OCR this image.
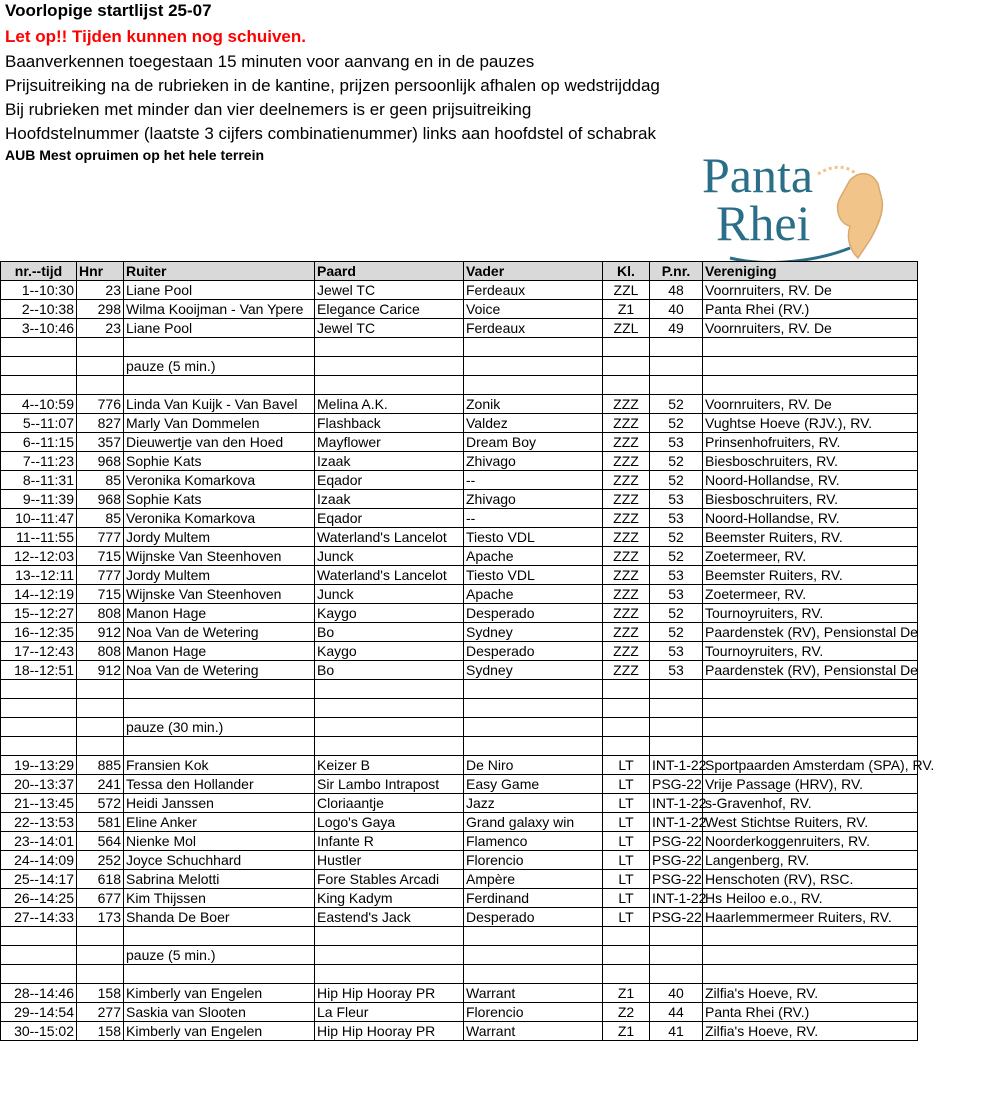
Voorlopige startlijst 25-07
Let op!! Tijden kunnen nog schuiven.
Baanverkennen toegestaan 15 minuten voor aanvang en in de pauzes
Prijsuitreiking na de rubrieken in de kantine, prijzen persoonlijk afhalen op wedstrijddag
Bij rubrieken met minder dan vier deelnemers is er geen prijsuitreiking
Hoofdstelnummer (laatste 3 cijfers combinatienummer) links aan hoofdstel of schabrak
AUB Mest opruimen op het hele terrein	Panta
Rhei
nr.--tijd	Hnr	Ruiter	Paard	Vader	Kl.	P.nr.	Vereniging
1--10:30	23	Liane Pool	Jewel TC	Ferdeaux	ZZL	48	Voornruiters, RV. De
2--10:38	298	Wilma Kooijman - Van Ypere	Elegance Carice	Voice	Z1	40	Panta Rhei (RV.)
3--10:46	23	Liane Pool	Jewel TC	Ferdeaux	ZZL	49	Voornruiters, RV. De

		pauze (5 min.)					

4--10:59	776	Linda Van Kuijk - Van Bavel	Melina A.K.	Zonik	ZZZ	52	Voornruiters, RV. De
5--11:07	827	Marly Van Dommelen	Flashback	Valdez	ZZZ	52	Vughtse Hoeve (RJV.), RV.
6--11:15	357	Dieuwertje van den Hoed	Mayflower	Dream Boy	ZZZ	53	Prinsenhofruiters, RV.
7--11:23	968	Sophie Kats	Izaak	Zhivago	ZZZ	52	Biesboschruiters, RV.
8--11:31	85	Veronika Komarkova	Eqador	--	ZZZ	52	Noord-Hollandse, RV.
9--11:39	968	Sophie Kats	Izaak	Zhivago	ZZZ	53	Biesboschruiters, RV.
10--11:47	85	Veronika Komarkova	Eqador	--	ZZZ	53	Noord-Hollandse, RV.
11--11:55	777	Jordy Multem	Waterland's Lancelot	Tiesto VDL	ZZZ	52	Beemster Ruiters, RV.
12--12:03	715	Wijnske Van Steenhoven	Junck	Apache	ZZZ	52	Zoetermeer, RV.
13--12:11	777	Jordy Multem	Waterland's Lancelot	Tiesto VDL	ZZZ	53	Beemster Ruiters, RV.
14--12:19	715	Wijnske Van Steenhoven	Junck	Apache	ZZZ	53	Zoetermeer, RV.
15--12:27	808	Manon Hage	Kaygo	Desperado	ZZZ	52	Tournoyruiters, RV.
16--12:35	912	Noa Van de Wetering	Bo	Sydney	ZZZ	52	Paardenstek (RV), Pensionstal De
17--12:43	808	Manon Hage	Kaygo	Desperado	ZZZ	53	Tournoyruiters, RV.
18--12:51	912	Noa Van de Wetering	Bo	Sydney	ZZZ	53	Paardenstek (RV), Pensionstal De

		pauze (30 min.)					

19--13:29	885	Fransien Kok	Keizer B	De Niro	LT	INT-1-22	Sportpaarden Amsterdam (SPA), RV.
20--13:37	241	Tessa den Hollander	Sir Lambo Intrapost	Easy Game	LT	PSG-22	Vrije Passage (HRV), RV.
21--13:45	572	Heidi Janssen	Cloriaantje	Jazz	LT	INT-1-22	s-Gravenhof, RV.
22--13:53	581	Eline Anker	Logo's Gaya	Grand galaxy win	LT	INT-1-22	West Stichtse Ruiters, RV.
23--14:01	564	Nienke Mol	Infante R	Flamenco	LT	PSG-22	Noorderkoggenruiters, RV.
24--14:09	252	Joyce Schuchhard	Hustler	Florencio	LT	PSG-22	Langenberg, RV.
25--14:17	618	Sabrina Melotti	Fore Stables Arcadi	Ampère	LT	PSG-22	Henschoten (RV), RSC.
26--14:25	677	Kim Thijssen	King Kadym	Ferdinand	LT	INT-1-22	Hs Heiloo e.o., RV.
27--14:33	173	Shanda De Boer	Eastend's Jack	Desperado	LT	PSG-22	Haarlemmermeer Ruiters, RV.

		pauze (5 min.)					

28--14:46	158	Kimberly van Engelen	Hip Hip Hooray PR	Warrant	Z1	40	Zilfia's Hoeve, RV.
29--14:54	277	Saskia van Slooten	La Fleur	Florencio	Z2	44	Panta Rhei (RV.)
30--15:02	158	Kimberly van Engelen	Hip Hip Hooray PR	Warrant	Z1	41	Zilfia's Hoeve, RV.
